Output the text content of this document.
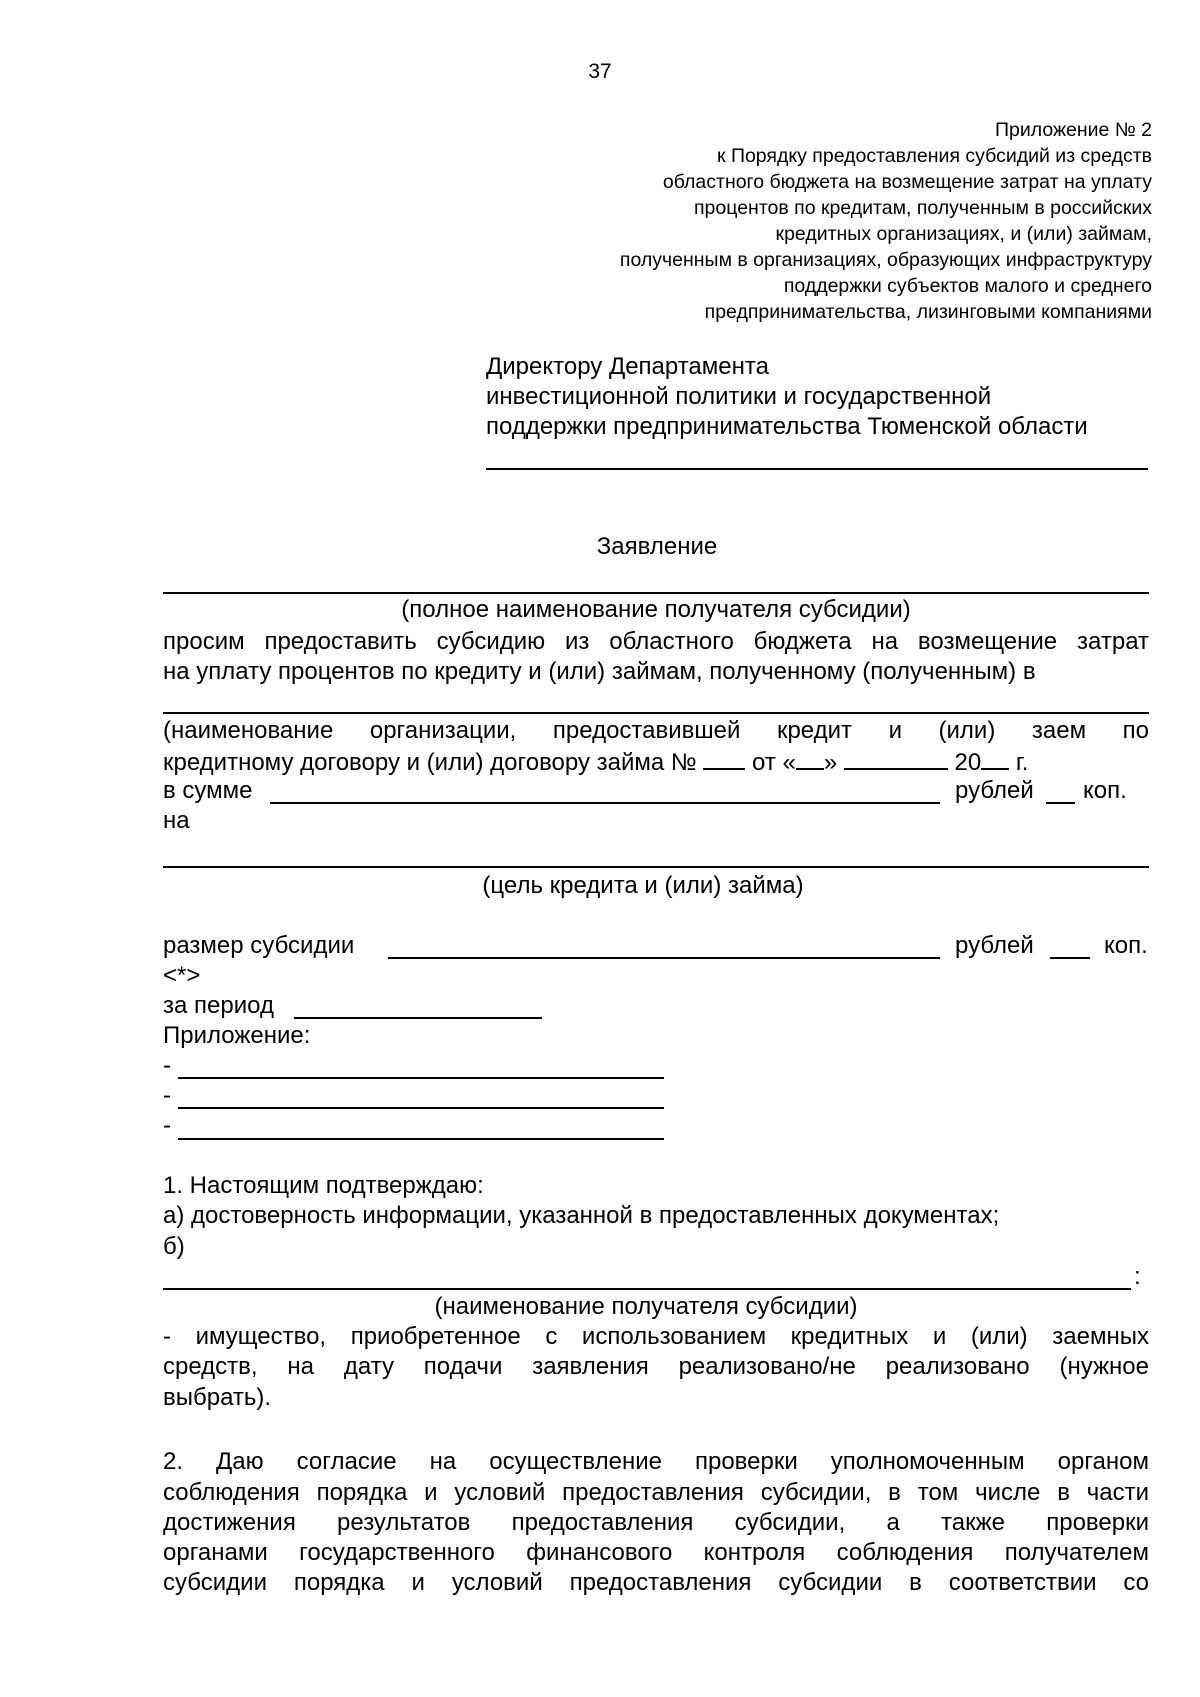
37
Приложение № 2
к Порядку предоставления субсидий из средств
областного бюджета на возмещение затрат на уплату
процентов по кредитам, полученным в российских
кредитных организациях, и (или) займам,
полученным в организациях, образующих инфраструктуру
поддержки субъектов малого и среднего
предпринимательства, лизинговыми компаниями
Директору Департамента
инвестиционной политики и государственной
поддержки предпринимательства Тюменской области
Заявление
(полное наименование получателя субсидии)
просим предоставить субсидию из областного бюджета на возмещение затрат
на уплату процентов по кредиту и (или) займам, полученному (полученным) в
(наименование организации, предоставившей кредит и (или) заем по
кредитному договору и (или) договору займа № от « »	20 г.
в сумме	рублей коп.
на
(цель кредита и (или) займа)
размер субсидии	рублей	коп.
<*>
за период
Приложение:
-
-
-
1. Настоящим подтверждаю:
а) достоверность информации, указанной в предоставленных документах;
б)
:
(наименование получателя субсидии)
- имущество, приобретенное с использованием кредитных и (или) заемных
средств, на дату подачи заявления реализовано/не реализовано (нужное
выбрать).
2. Даю согласие на осуществление проверки уполномоченным органом
соблюдения порядка и условий предоставления субсидии, в том числе в части
достижения результатов предоставления субсидии, а также проверки
органами государственного финансового контроля соблюдения получателем
субсидии порядка и условий предоставления субсидии в соответствии со
